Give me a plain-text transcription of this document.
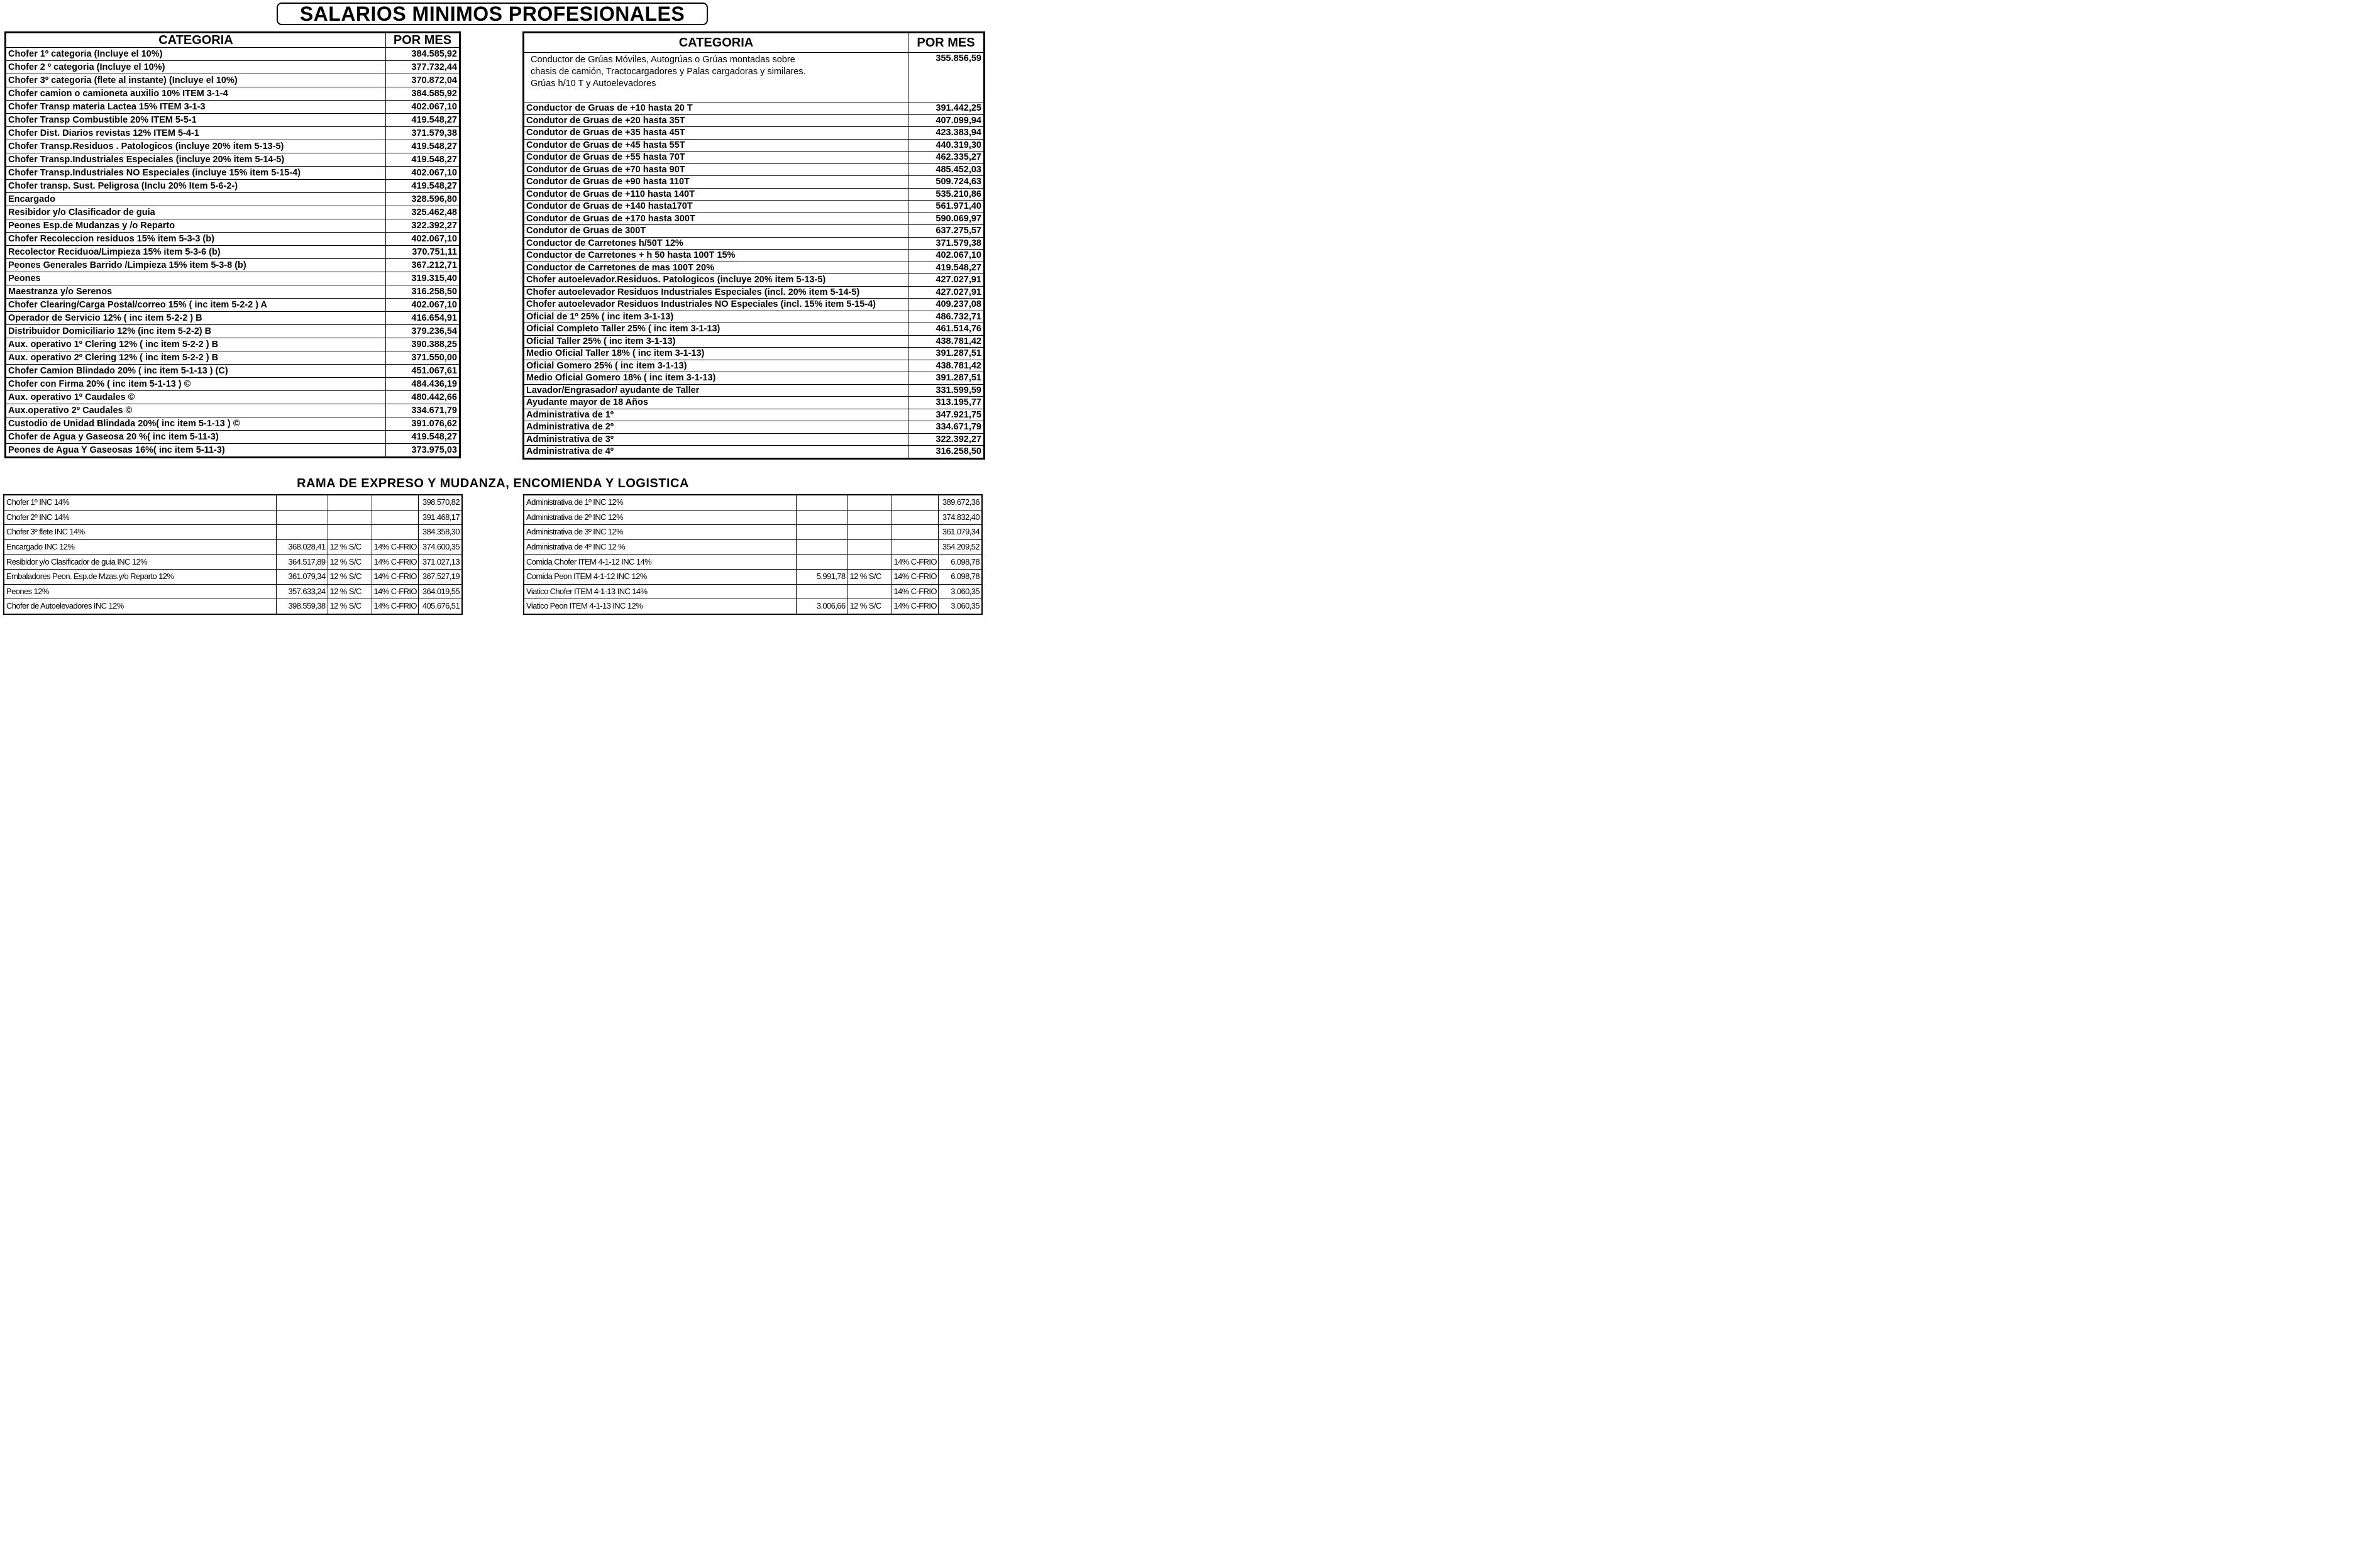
SALARIOS MINIMOS PROFESIONALES
CATEGORIA	POR MES
Chofer 1º categoria (Incluye el 10%)	384.585,92
Chofer 2 º categoria (Incluye el 10%)	377.732,44
Chofer 3º categoria (flete al instante) (Incluye el 10%)	370.872,04
Chofer camion o camioneta auxilio 10% ITEM 3-1-4	384.585,92
Chofer Transp materia Lactea 15% ITEM 3-1-3	402.067,10
Chofer Transp Combustible 20% ITEM 5-5-1	419.548,27
Chofer Dist. Diarios revistas 12% ITEM 5-4-1	371.579,38
Chofer Transp.Residuos . Patologicos (incluye 20% item 5-13-5)	419.548,27
Chofer Transp.Industriales Especiales (incluye 20% item 5-14-5)	419.548,27
Chofer Transp.Industriales NO Especiales (incluye 15% item 5-15-4)	402.067,10
Chofer transp. Sust. Peligrosa (Inclu 20% Item 5-6-2-)	419.548,27
Encargado	328.596,80
Resibidor y/o Clasificador de guia	325.462,48
Peones Esp.de Mudanzas y /o Reparto	322.392,27
Chofer Recoleccion residuos 15% item 5-3-3 (b)	402.067,10
Recolector Reciduoa/Limpieza 15% item 5-3-6 (b)	370.751,11
Peones Generales Barrido /Limpieza 15% item 5-3-8 (b)	367.212,71
Peones	319.315,40
Maestranza y/o Serenos	316.258,50
Chofer Clearing/Carga Postal/correo 15% ( inc item 5-2-2 ) A	402.067,10
Operador de Servicio 12% ( inc item 5-2-2 ) B	416.654,91
Distribuidor Domiciliario 12% (inc item 5-2-2) B	379.236,54
Aux. operativo 1º Clering 12% ( inc item 5-2-2 ) B	390.388,25
Aux. operativo 2º Clering 12% ( inc item 5-2-2 ) B	371.550,00
Chofer Camion Blindado 20% ( inc item 5-1-13 ) (C)	451.067,61
Chofer con Firma 20% ( inc item 5-1-13 ) ©	484.436,19
Aux. operativo 1º Caudales ©	480.442,66
Aux.operativo 2º Caudales ©	334.671,79
Custodio de Unidad Blindada 20%( inc item 5-1-13 ) ©	391.076,62
Chofer de Agua y Gaseosa 20 %( inc item 5-11-3)	419.548,27
Peones de Agua Y Gaseosas 16%( inc item 5-11-3)	373.975,03
CATEGORIA	POR MES
Conductor de Grúas Móviles, Autogrúas o Grúas montadas sobre chasis de camión, Tractocargadores y Palas cargadoras y similares. Grúas h/10 T y Autoelevadores	355.856,59
Conductor de Gruas de +10 hasta 20 T	391.442,25
Condutor de Gruas de +20 hasta 35T	407.099,94
Condutor de Gruas de +35 hasta 45T	423.383,94
Condutor de Gruas de +45 hasta 55T	440.319,30
Condutor de Gruas de +55 hasta 70T	462.335,27
Condutor de Gruas de +70 hasta 90T	485.452,03
Condutor de Gruas de +90 hasta 110T	509.724,63
Condutor de Gruas de +110 hasta 140T	535.210,86
Condutor de Gruas de +140 hasta170T	561.971,40
Condutor de Gruas de +170 hasta 300T	590.069,97
Condutor de Gruas de 300T	637.275,57
Conductor de Carretones h/50T 12%	371.579,38
Conductor de Carretones + h 50 hasta 100T 15%	402.067,10
Conductor de Carretones de mas 100T 20%	419.548,27
Chofer autoelevador.Residuos. Patologicos (incluye 20% item 5-13-5)	427.027,91
Chofer autoelevador Residuos Industriales Especiales (incl. 20% item 5-14-5)	427.027,91
Chofer autoelevador Residuos Industriales NO Especiales (incl. 15% item 5-15-4)	409.237,08
Oficial de 1º 25% ( inc item 3-1-13)	486.732,71
Oficial Completo Taller 25% ( inc item 3-1-13)	461.514,76
Oficial Taller 25% ( inc item 3-1-13)	438.781,42
Medio Oficial Taller 18% ( inc item 3-1-13)	391.287,51
Oficial Gomero 25% ( inc item 3-1-13)	438.781,42
Medio Oficial Gomero 18% ( inc item 3-1-13)	391.287,51
Lavador/Engrasador/ ayudante de Taller	331.599,59
Ayudante mayor de 18 Años	313.195,77
Administrativa de 1º	347.921,75
Administrativa de 2º	334.671,79
Administrativa de 3º	322.392,27
Administrativa de 4º	316.258,50
RAMA DE EXPRESO Y MUDANZA, ENCOMIENDA Y LOGISTICA
Chofer 1º INC 14%				398.570,82
Chofer 2º INC 14%				391.468,17
Chofer 3º flete INC 14%				384.358,30
Encargado INC 12%	368.028,41	12 % S/C	14% C-FRIO	374.600,35
Resibidor y/o Clasificador de guia INC 12%	364.517,89	12 % S/C	14% C-FRIO	371.027,13
Embaladores Peon. Esp.de Mzas.y/o Reparto 12%	361.079,34	12 % S/C	14% C-FRIO	367.527,19
Peones 12%	357.633,24	12 % S/C	14% C-FRIO	364.019,55
Chofer de Autoelevadores INC 12%	398.559,38	12 % S/C	14% C-FRIO	405.676,51
Administrativa de 1º INC 12%				389.672,36
Administrativa de 2º INC 12%				374.832,40
Administrativa de 3º INC 12%				361.079,34
Administrativa de 4º INC 12 %				354.209,52
Comida Chofer ITEM 4-1-12 INC 14%			14% C-FRIO	6.098,78
Comida Peon ITEM 4-1-12 INC 12%	5.991,78	12 % S/C	14% C-FRIO	6.098,78
Viatico Chofer ITEM 4-1-13 INC 14%			14% C-FRIO	3.060,35
Viatico Peon ITEM 4-1-13 INC 12%	3.006,66	12 % S/C	14% C-FRIO	3.060,35
